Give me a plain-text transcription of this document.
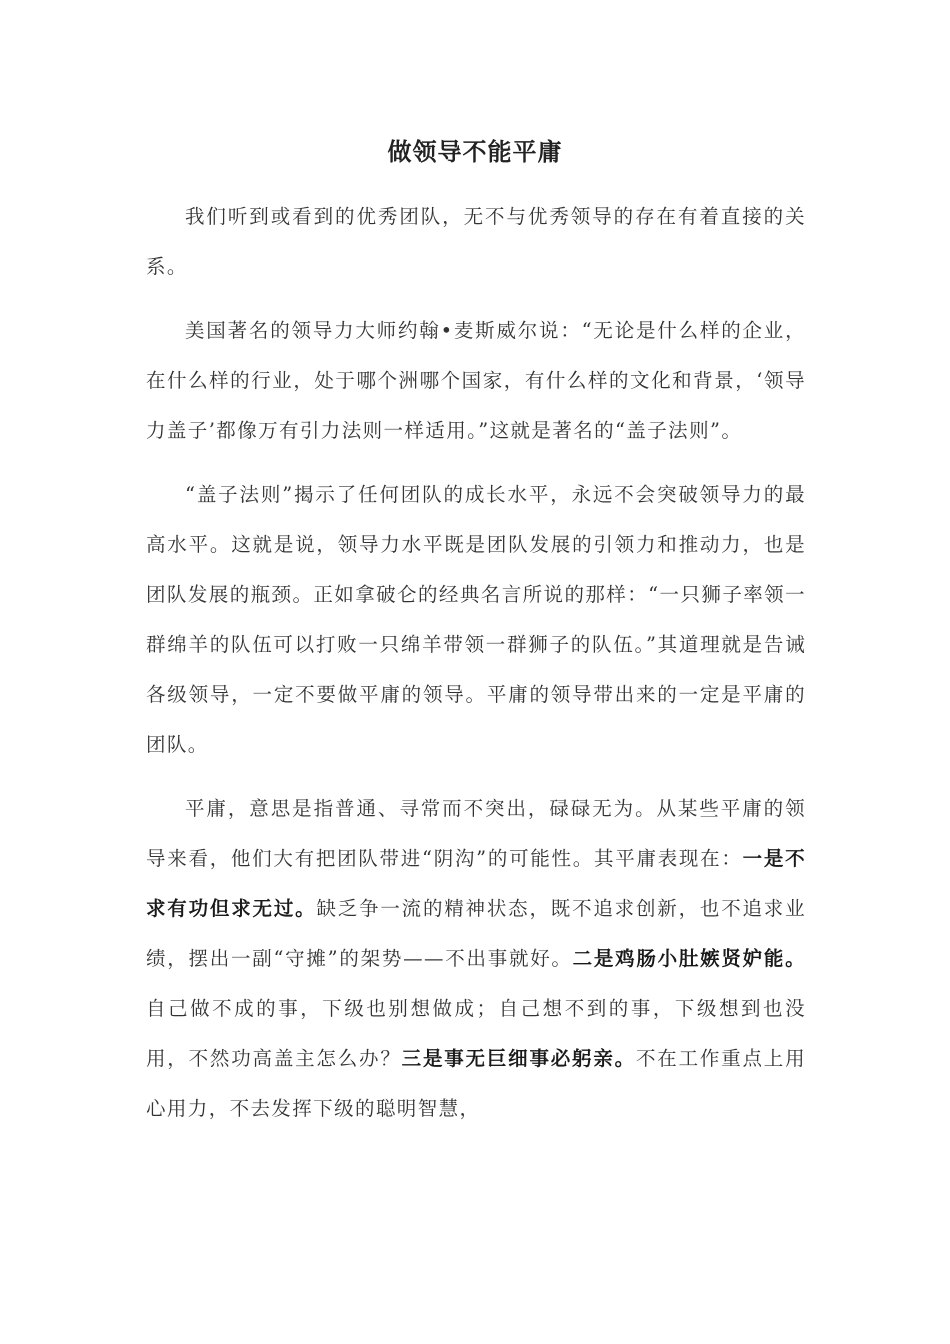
做领导不能平庸

我们听到或看到的优秀团队，无不与优秀领导的存在有着直接的关系。

美国著名的领导力大师约翰•麦斯威尔说：“无论是什么样的企业，在什么样的行业，处于哪个洲哪个国家，有什么样的文化和背景，‘领导力盖子’都像万有引力法则一样适用。”这就是著名的“盖子法则”。

“盖子法则”揭示了任何团队的成长水平，永远不会突破领导力的最高水平。这就是说，领导力水平既是团队发展的引领力和推动力，也是团队发展的瓶颈。正如拿破仑的经典名言所说的那样：“一只狮子率领一群绵羊的队伍可以打败一只绵羊带领一群狮子的队伍。”其道理就是告诫各级领导，一定不要做平庸的领导。平庸的领导带出来的一定是平庸的团队。

平庸，意思是指普通、寻常而不突出，碌碌无为。从某些平庸的领导来看，他们大有把团队带进“阴沟”的可能性。其平庸表现在：一是不求有功但求无过。缺乏争一流的精神状态，既不追求创新，也不追求业绩，摆出一副“守摊”的架势——不出事就好。二是鸡肠小肚嫉贤妒能。自己做不成的事，下级也别想做成；自己想不到的事，下级想到也没用，不然功高盖主怎么办？三是事无巨细事必躬亲。不在工作重点上用心用力，不去发挥下级的聪明智慧，
